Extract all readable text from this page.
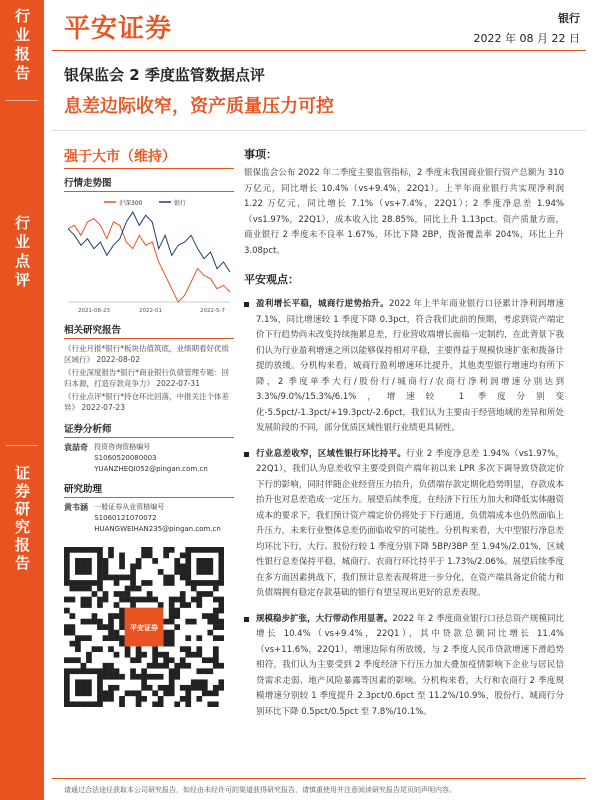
行业报告
行业点评
证券研究报告
平安证券	银行
2022 年 08 月 22 日
银保监会 2 季度监管数据点评
息差边际收窄，资产质量压力可控
强于大市（维持）
行情走势图
沪深300	银行
2021-08-23	2022-01	2022-5-7
相关研究报告
《行业月报*银行*板块估值筑底，业绩期看好优质区域行》 2022-08-02
《行业深度报告*银行*商业银行负债管理专题：回归本源，打造存款竞争力》 2022-07-31
《行业点评*银行*持仓环比回落，中报关注个体差异》 2022-07-23
证券分析师
袁喆奇 投资咨询资格编号
S1060520080003
YUANZHEQI052@pingan.com.cn
研究助理
黄韦涵 一般证券从业资格编号
S1060121070072
HUANGWEIHAN235@pingan.com.cn
平安证券
事项：
银保监会公布 2022 年二季度主要监管指标，2 季度末我国商业银行资产总额为 310 万亿元，同比增长 10.4%（vs+9.4%，22Q1）。上半年商业银行共实现净利润 1.22 万亿元，同比增长 7.1%（vs+7.4%，22Q1）；2 季度净息差 1.94%（vs1.97%，22Q1），成本收入比 28.85%，同比上升 1.13pct。资产质量方面，商业银行 2 季度末不良率 1.67%，环比下降 2BP，拨备覆盖率 204%，环比上升 3.08pct。
平安观点：
盈利增长平稳，城商行逆势抬升。2022 年上半年商业银行口径累计净利润增速 7.1%，同比增速较 1 季度下降 0.3pct，符合我们此前的预期，考虑到资产端定价下行趋势尚未改变持续拖累息差，行业营收端增长面临一定制约，在此背景下我们认为行业盈利增速之所以能够保持相对平稳，主要得益于规模快速扩张和拨备计提的放缓。分机构来看，城商行盈利增速环比提升，其他类型银行增速均有所下降，2 季度单季大行/股份行/城商行/农商行净利润增速分别达到 3.3%/9.0%/15.3%/6.1%，增速较 1 季度分别变化-5.5pct/-1.3pct/+19.3pct/-2.6pct，我们认为主要由于经营地域的差异和所处发展阶段的不同，部分优质区域性银行业绩更具韧性。
行业息差收窄，区域性银行环比持平。行业 2 季度净息差 1.94%（vs1.97%，22Q1），我们认为息差收窄主要受到资产端年初以来 LPR 多次下调导致贷款定价下行的影响，同时伴随企业经营压力抬升，负债端存款定期化趋势明显，存款成本抬升也对息差造成一定压力。展望后续季度，在经济下行压力加大和降低实体融资成本的要求下，我们预计资产端定价仍将处于下行通道，负债端成本也仍然面临上升压力，未来行业整体息差仍面临收窄的可能性。分机构来看，大中型银行净息差均环比下行，大行、股份行较 1 季度分别下降 5BP/3BP 至 1.94%/2.01%，区域性银行息差保持平稳，城商行、农商行环比持平于 1.73%/2.06%。展望后续季度在多方面因素挑战下，我们预计息差表现将进一步分化，在资产端具备定价能力和负债端拥有稳定存款基础的银行有望呈现出更好的息差表现。
规模稳步扩张，大行带动作用显著。2022 年 2 季度商业银行口径总资产规模同比增长 10.4%（vs+9.4%，22Q1），其中贷款总额同比增长 11.4%（vs+11.6%，22Q1），增速边际有所放缓，与 2 季度人民币贷款增速下滑趋势相符，我们认为主要受到 2 季度经济下行压力加大叠加疫情影响下企业与居民信贷需求走弱、地产风险暴露等因素的影响。分机构来看，大行和农商行 2 季度规模增速分别较 1 季度提升 2.3pct/0.6pct 至 11.2%/10.9%，股份行、城商行分别环比下降 0.5pct/0.5pct 至 7.8%/10.1%。
请通过合法途径获取本公司研究报告，如经由未经许可的渠道获得研究报告，请慎重使用并注意阅读研究报告尾页的声明内容。
